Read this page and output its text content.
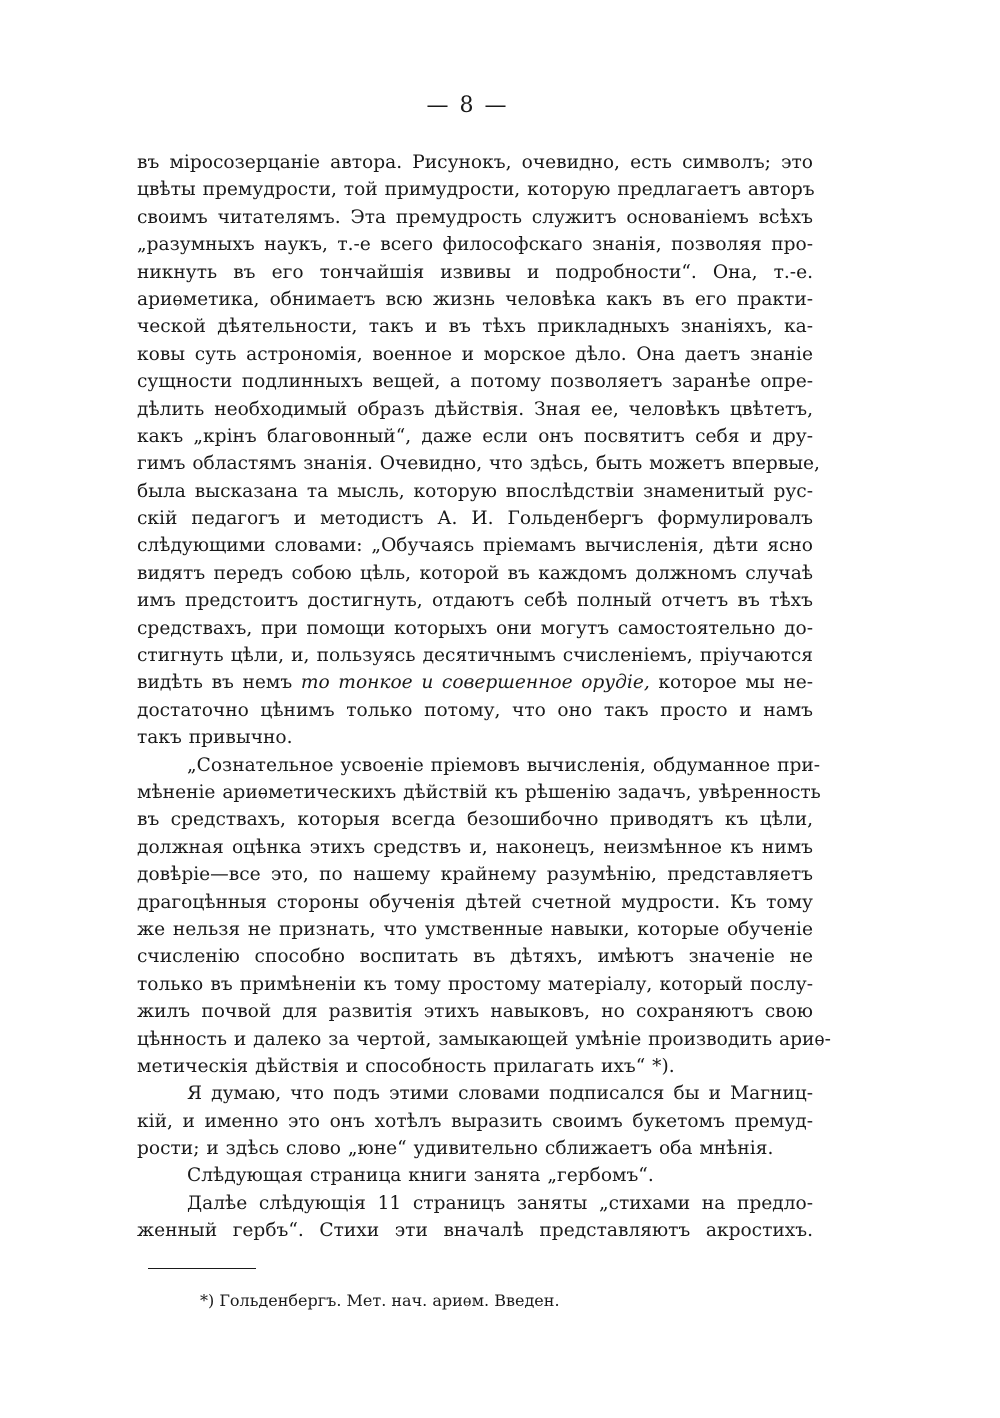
— 8 —
въ міросозерцаніе автора. Рисунокъ, очевидно, есть символъ; это
цвѣты премудрости, той примудрости, которую предлагаетъ авторъ
своимъ читателямъ. Эта премудрость служитъ основаніемъ всѣхъ
„разумныхъ наукъ, т.-е всего философскаго знанія, позволяя про-
никнуть въ его тончайшія извивы и подробности“. Она, т.-е.
ариѳметика, обнимаетъ всю жизнь человѣка какъ въ его практи-
ческой дѣятельности, такъ и въ тѣхъ прикладныхъ знаніяхъ, ка-
ковы суть астрономія, военное и морское дѣло. Она даетъ знаніе
сущности подлинныхъ вещей, а потому позволяетъ заранѣе опре-
дѣлить необходимый образъ дѣйствія. Зная ее, человѣкъ цвѣтетъ,
какъ „крінъ благовонный“, даже если онъ посвятитъ себя и дру-
гимъ областямъ знанія. Очевидно, что здѣсь, быть можетъ впервые,
была высказана та мысль, которую впослѣдствіи знаменитый рус-
скій педагогъ и методистъ А. И. Гольденбергъ формулировалъ
слѣдующими словами: „Обучаясь пріемамъ вычисленія, дѣти ясно
видятъ передъ собою цѣль, которой въ каждомъ должномъ случаѣ
имъ предстоитъ достигнуть, отдаютъ себѣ полный отчетъ въ тѣхъ
средствахъ, при помощи которыхъ они могутъ самостоятельно до-
стигнуть цѣли, и, пользуясь десятичнымъ счисленіемъ, пріучаются
видѣть въ немъ то тонкое и совершенное орудіе, которое мы не-
достаточно цѣнимъ только потому, что оно такъ просто и намъ
такъ привычно.
„Сознательное усвоеніе пріемовъ вычисленія, обдуманное при-
мѣненіе ариѳметическихъ дѣйствій къ рѣшенію задачъ, увѣренность
въ средствахъ, которыя всегда безошибочно приводятъ къ цѣли,
должная оцѣнка этихъ средствъ и, наконецъ, неизмѣнное къ нимъ
довѣріе—все это, по нашему крайнему разумѣнію, представляетъ
драгоцѣнныя стороны обученія дѣтей счетной мудрости. Къ тому
же нельзя не признать, что умственные навыки, которые обученіе
счисленію способно воспитать въ дѣтяхъ, имѣютъ значеніе не
только въ примѣненіи къ тому простому матеріалу, который послу-
жилъ почвой для развитія этихъ навыковъ, но сохраняютъ свою
цѣнность и далеко за чертой, замыкающей умѣніе производить ариѳ-
метическія дѣйствія и способность прилагать ихъ“ *).
Я думаю, что подъ этими словами подписался бы и Магниц-
кій, и именно это онъ хотѣлъ выразить своимъ букетомъ премуд-
рости; и здѣсь слово „юне“ удивительно сближаетъ оба мнѣнія.
Слѣдующая страница книги занята „гербомъ“.
Далѣе слѣдующія 11 страницъ заняты „стихами на предло-
женный гербъ“. Стихи эти вначалѣ представляютъ акростихъ.
*) Гольденбергъ. Мет. нач. ариѳм. Введен.
